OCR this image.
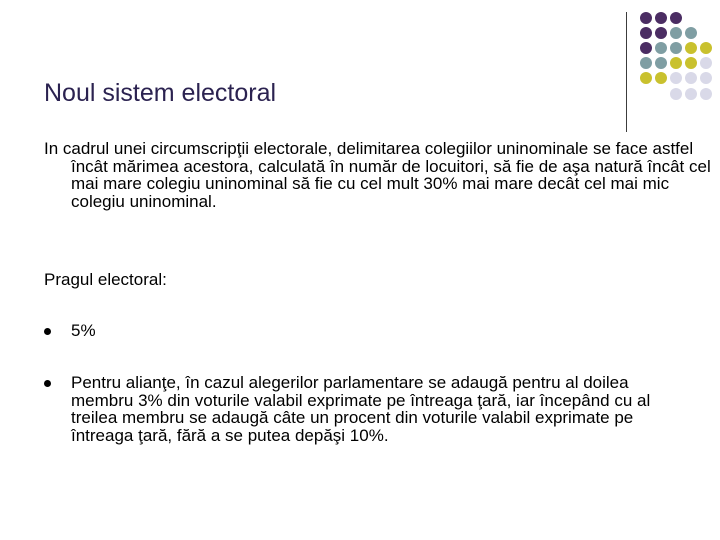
Noul sistem electoral
In cadrul unei circumscripţii electorale, delimitarea colegiilor uninominale se face astfel încât mărimea acestora, calculată în număr de locuitori, să fie de aşa natură încât cel mai mare colegiu uninominal să fie cu cel mult 30% mai mare decât cel mai mic colegiu uninominal.
Pragul electoral:
5%
Pentru alianţe, în cazul alegerilor parlamentare se adaugă pentru al doilea membru 3% din voturile valabil exprimate pe întreaga ţară, iar începând cu al treilea membru se adaugă câte un procent din voturile valabil exprimate pe întreaga ţară, fără a se putea depăşi 10%.
